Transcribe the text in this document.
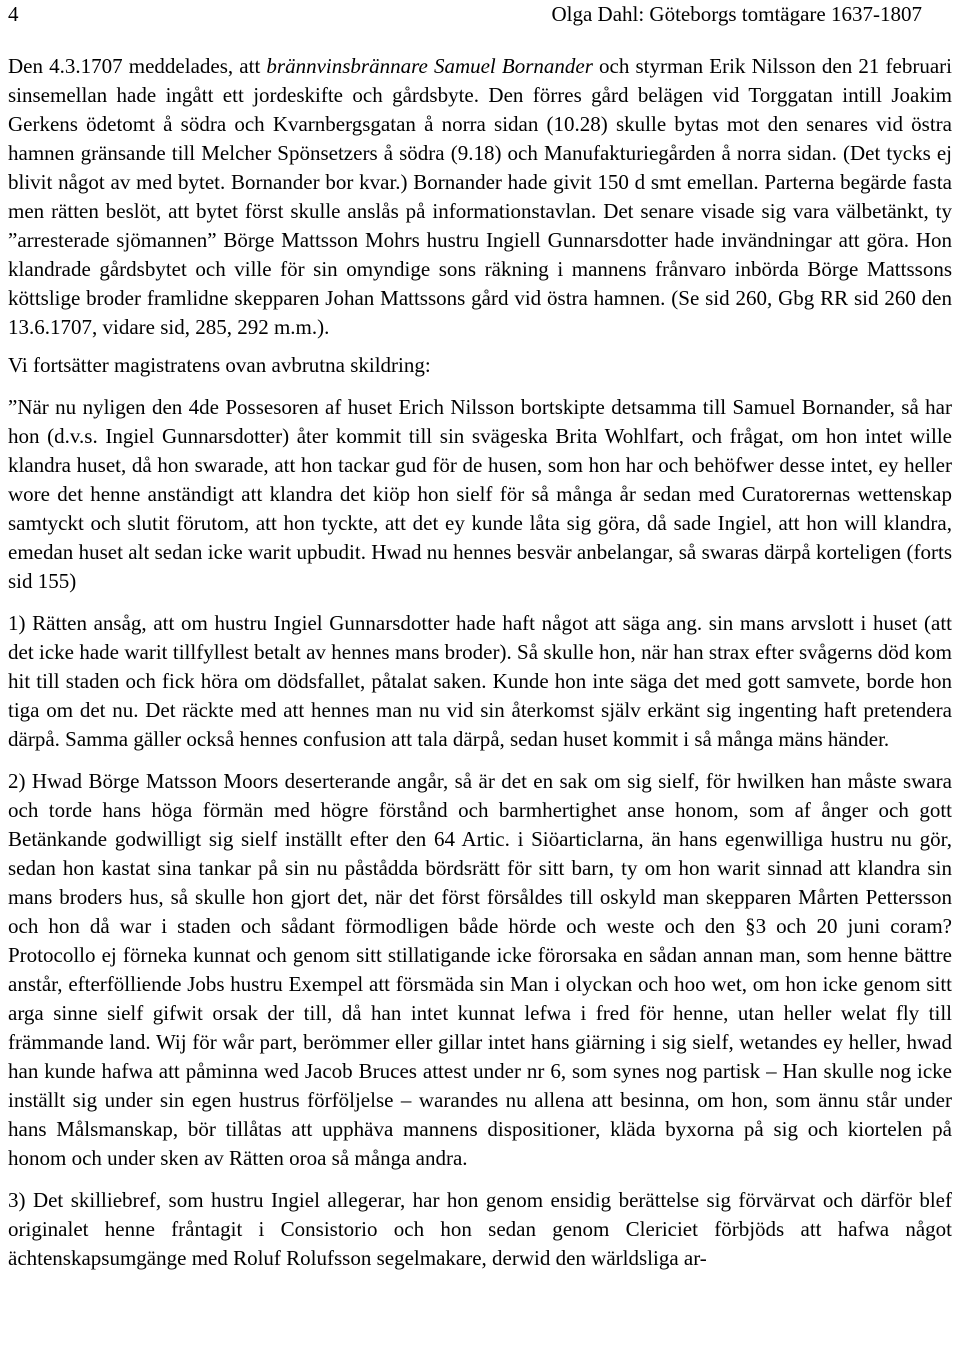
4	Olga Dahl: Göteborgs tomtägare 1637-1807

Den 4.3.1707 meddelades, att brännvinsbrännare Samuel Bornander och styrman Erik Nilsson den 21 februari sinsemellan hade ingått ett jordeskifte och gårdsbyte. Den förres gård belägen vid Torggatan intill Joakim Gerkens ödetomt å södra och Kvarnbergsgatan å norra sidan (10.28) skulle bytas mot den senares vid östra hamnen gränsande till Melcher Spönsetzers å södra (9.18) och Manufakturiegården å norra sidan. (Det tycks ej blivit något av med bytet. Bornander bor kvar.) Bornander hade givit 150 d smt emellan. Parterna begärde fasta men rätten beslöt, att bytet först skulle anslås på informationstavlan. Det senare visade sig vara välbetänkt, ty ”arresterade sjömannen” Börge Mattsson Mohrs hustru Ingiell Gunnarsdotter hade invändningar att göra. Hon klandrade gårdsbytet och ville för sin omyndige sons räkning i mannens frånvaro inbörda Börge Mattssons köttslige broder framlidne skepparen Johan Mattssons gård vid östra hamnen. (Se sid 260, Gbg RR sid 260 den 13.6.1707, vidare sid, 285, 292 m.m.).

Vi fortsätter magistratens ovan avbrutna skildring:

”När nu nyligen den 4de Possesoren af huset Erich Nilsson bortskipte detsamma till Samuel Bornander, så har hon (d.v.s. Ingiel Gunnarsdotter) åter kommit till sin svägeska Brita Wohlfart, och frågat, om hon intet wille klandra huset, då hon swarade, att hon tackar gud för de husen, som hon har och behöfwer desse intet, ey heller wore det henne anständigt att klandra det kiöp hon sielf för så många år sedan med Curatorernas wettenskap samtyckt och slutit förutom, att hon tyckte, att det ey kunde låta sig göra, då sade Ingiel, att hon will klandra, emedan huset alt sedan icke warit upbudit. Hwad nu hennes besvär anbelangar, så swaras därpå korteligen (forts sid 155)

1) Rätten ansåg, att om hustru Ingiel Gunnarsdotter hade haft något att säga ang. sin mans arvslott i huset (att det icke hade warit tillfyllest betalt av hennes mans broder). Så skulle hon, när han strax efter svågerns död kom hit till staden och fick höra om dödsfallet, påtalat saken. Kunde hon inte säga det med gott samvete, borde hon tiga om det nu. Det räckte med att hennes man nu vid sin återkomst själv erkänt sig ingenting haft pretendera därpå. Samma gäller också hennes confusion att tala därpå, sedan huset kommit i så många mäns händer.

2) Hwad Börge Matsson Moors deserterande angår, så är det en sak om sig sielf, för hwilken han måste swara och torde hans höga förmän med högre förstånd och barmhertighet anse honom, som af ånger och gott Betänkande godwilligt sig sielf inställt efter den 64 Artic. i Siöarticlarna, än hans egenwilliga hustru nu gör, sedan hon kastat sina tankar på sin nu påstådda bördsrätt för sitt barn, ty om hon warit sinnad att klandra sin mans broders hus, så skulle hon gjort det, när det först försåldes till oskyld man skepparen Mårten Pettersson och hon då war i staden och sådant förmodligen både hörde och weste och den §3 och 20 juni coram? Protocollo ej förneka kunnat och genom sitt stillatigande icke förorsaka en sådan annan man, som henne bättre anstår, efterfölliende Jobs hustru Exempel att försmäda sin Man i olyckan och hoo wet, om hon icke genom sitt arga sinne sielf gifwit orsak der till, då han intet kunnat lefwa i fred för henne, utan heller welat fly till främmande land. Wij för wår part, berömmer eller gillar intet hans giärning i sig sielf, wetandes ey heller, hwad han kunde hafwa att påminna wed Jacob Bruces attest under nr 6, som synes nog partisk – Han skulle nog icke inställt sig under sin egen hustrus förföljelse – warandes nu allena att besinna, om hon, som ännu står under hans Målsmanskap, bör tillåtas att upphäva mannens dispositioner, kläda byxorna på sig och kiortelen på honom och under sken av Rätten oroa så många andra.

3) Det skilliebref, som hustru Ingiel allegerar, har hon genom ensidig berättelse sig förvärvat och därför blef originalet henne fråntagit i Consistorio och hon sedan genom Clericiet förbjöds att hafwa något ächtenskapsumgänge med Roluf Rolufsson segelmakare, derwid den wärldsliga ar-
